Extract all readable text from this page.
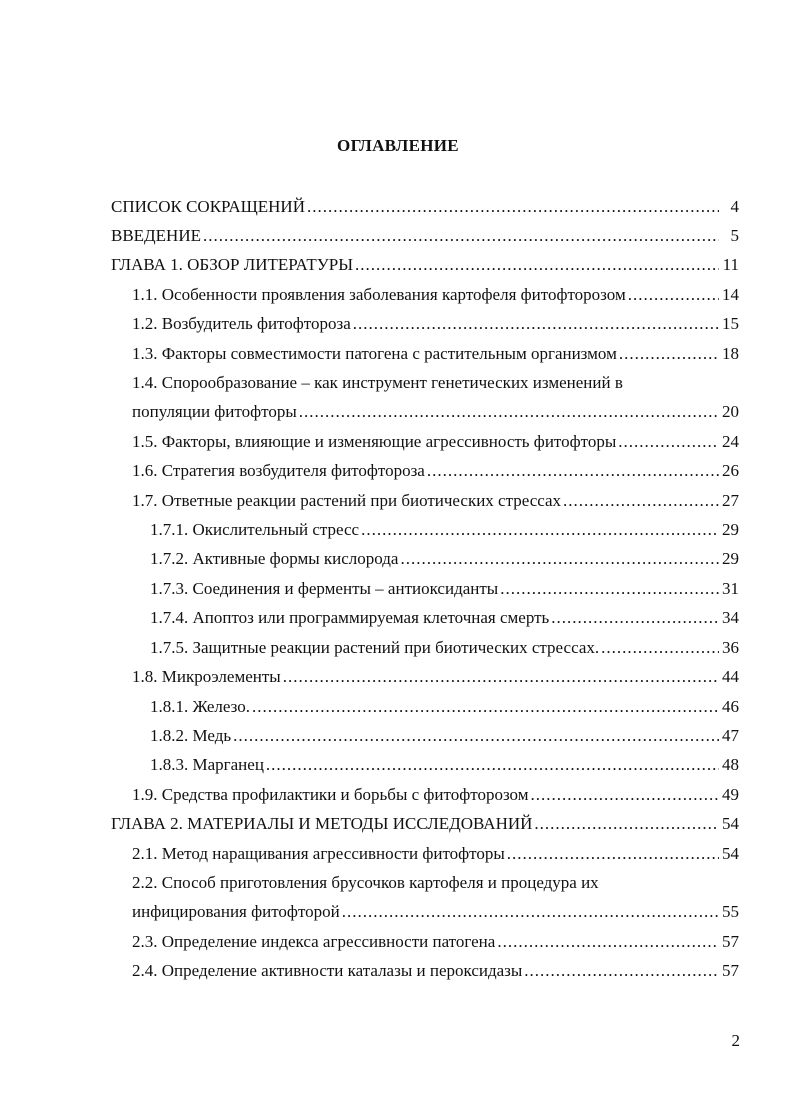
ОГЛАВЛЕНИЕ
СПИСОК СОКРАЩЕНИЙ .....	4
ВВЕДЕНИЕ .....	5
ГЛАВА 1. ОБЗОР ЛИТЕРАТУРЫ .....	11
1.1. Особенности проявления заболевания картофеля фитофторозом .....	14
1.2. Возбудитель фитофтороза .....	15
1.3. Факторы совместимости патогена с растительным организмом .....	18
1.4. Спорообразование – как инструмент генетических изменений в
популяции фитофторы .....	20
1.5. Факторы, влияющие и изменяющие агрессивность фитофторы .....	24
1.6. Стратегия возбудителя фитофтороза .....	26
1.7. Ответные реакции растений при биотических стрессах .....	27
1.7.1. Окислительный стресс .....	29
1.7.2. Активные формы кислорода .....	29
1.7.3. Соединения и ферменты – антиоксиданты .....	31
1.7.4. Апоптоз или программируемая клеточная смерть .....	34
1.7.5. Защитные реакции растений при биотических стрессах. .....	36
1.8. Микроэлементы .....	44
1.8.1. Железо. .....	46
1.8.2. Медь .....	47
1.8.3. Марганец .....	48
1.9. Средства профилактики и борьбы с фитофторозом .....	49
ГЛАВА 2. МАТЕРИАЛЫ И МЕТОДЫ ИССЛЕДОВАНИЙ .....	54
2.1. Метод наращивания агрессивности фитофторы .....	54
2.2. Способ приготовления брусочков картофеля и процедура их
инфицирования фитофторой .....	55
2.3. Определение индекса агрессивности патогена .....	57
2.4. Определение активности каталазы и пероксидазы .....	57
2
